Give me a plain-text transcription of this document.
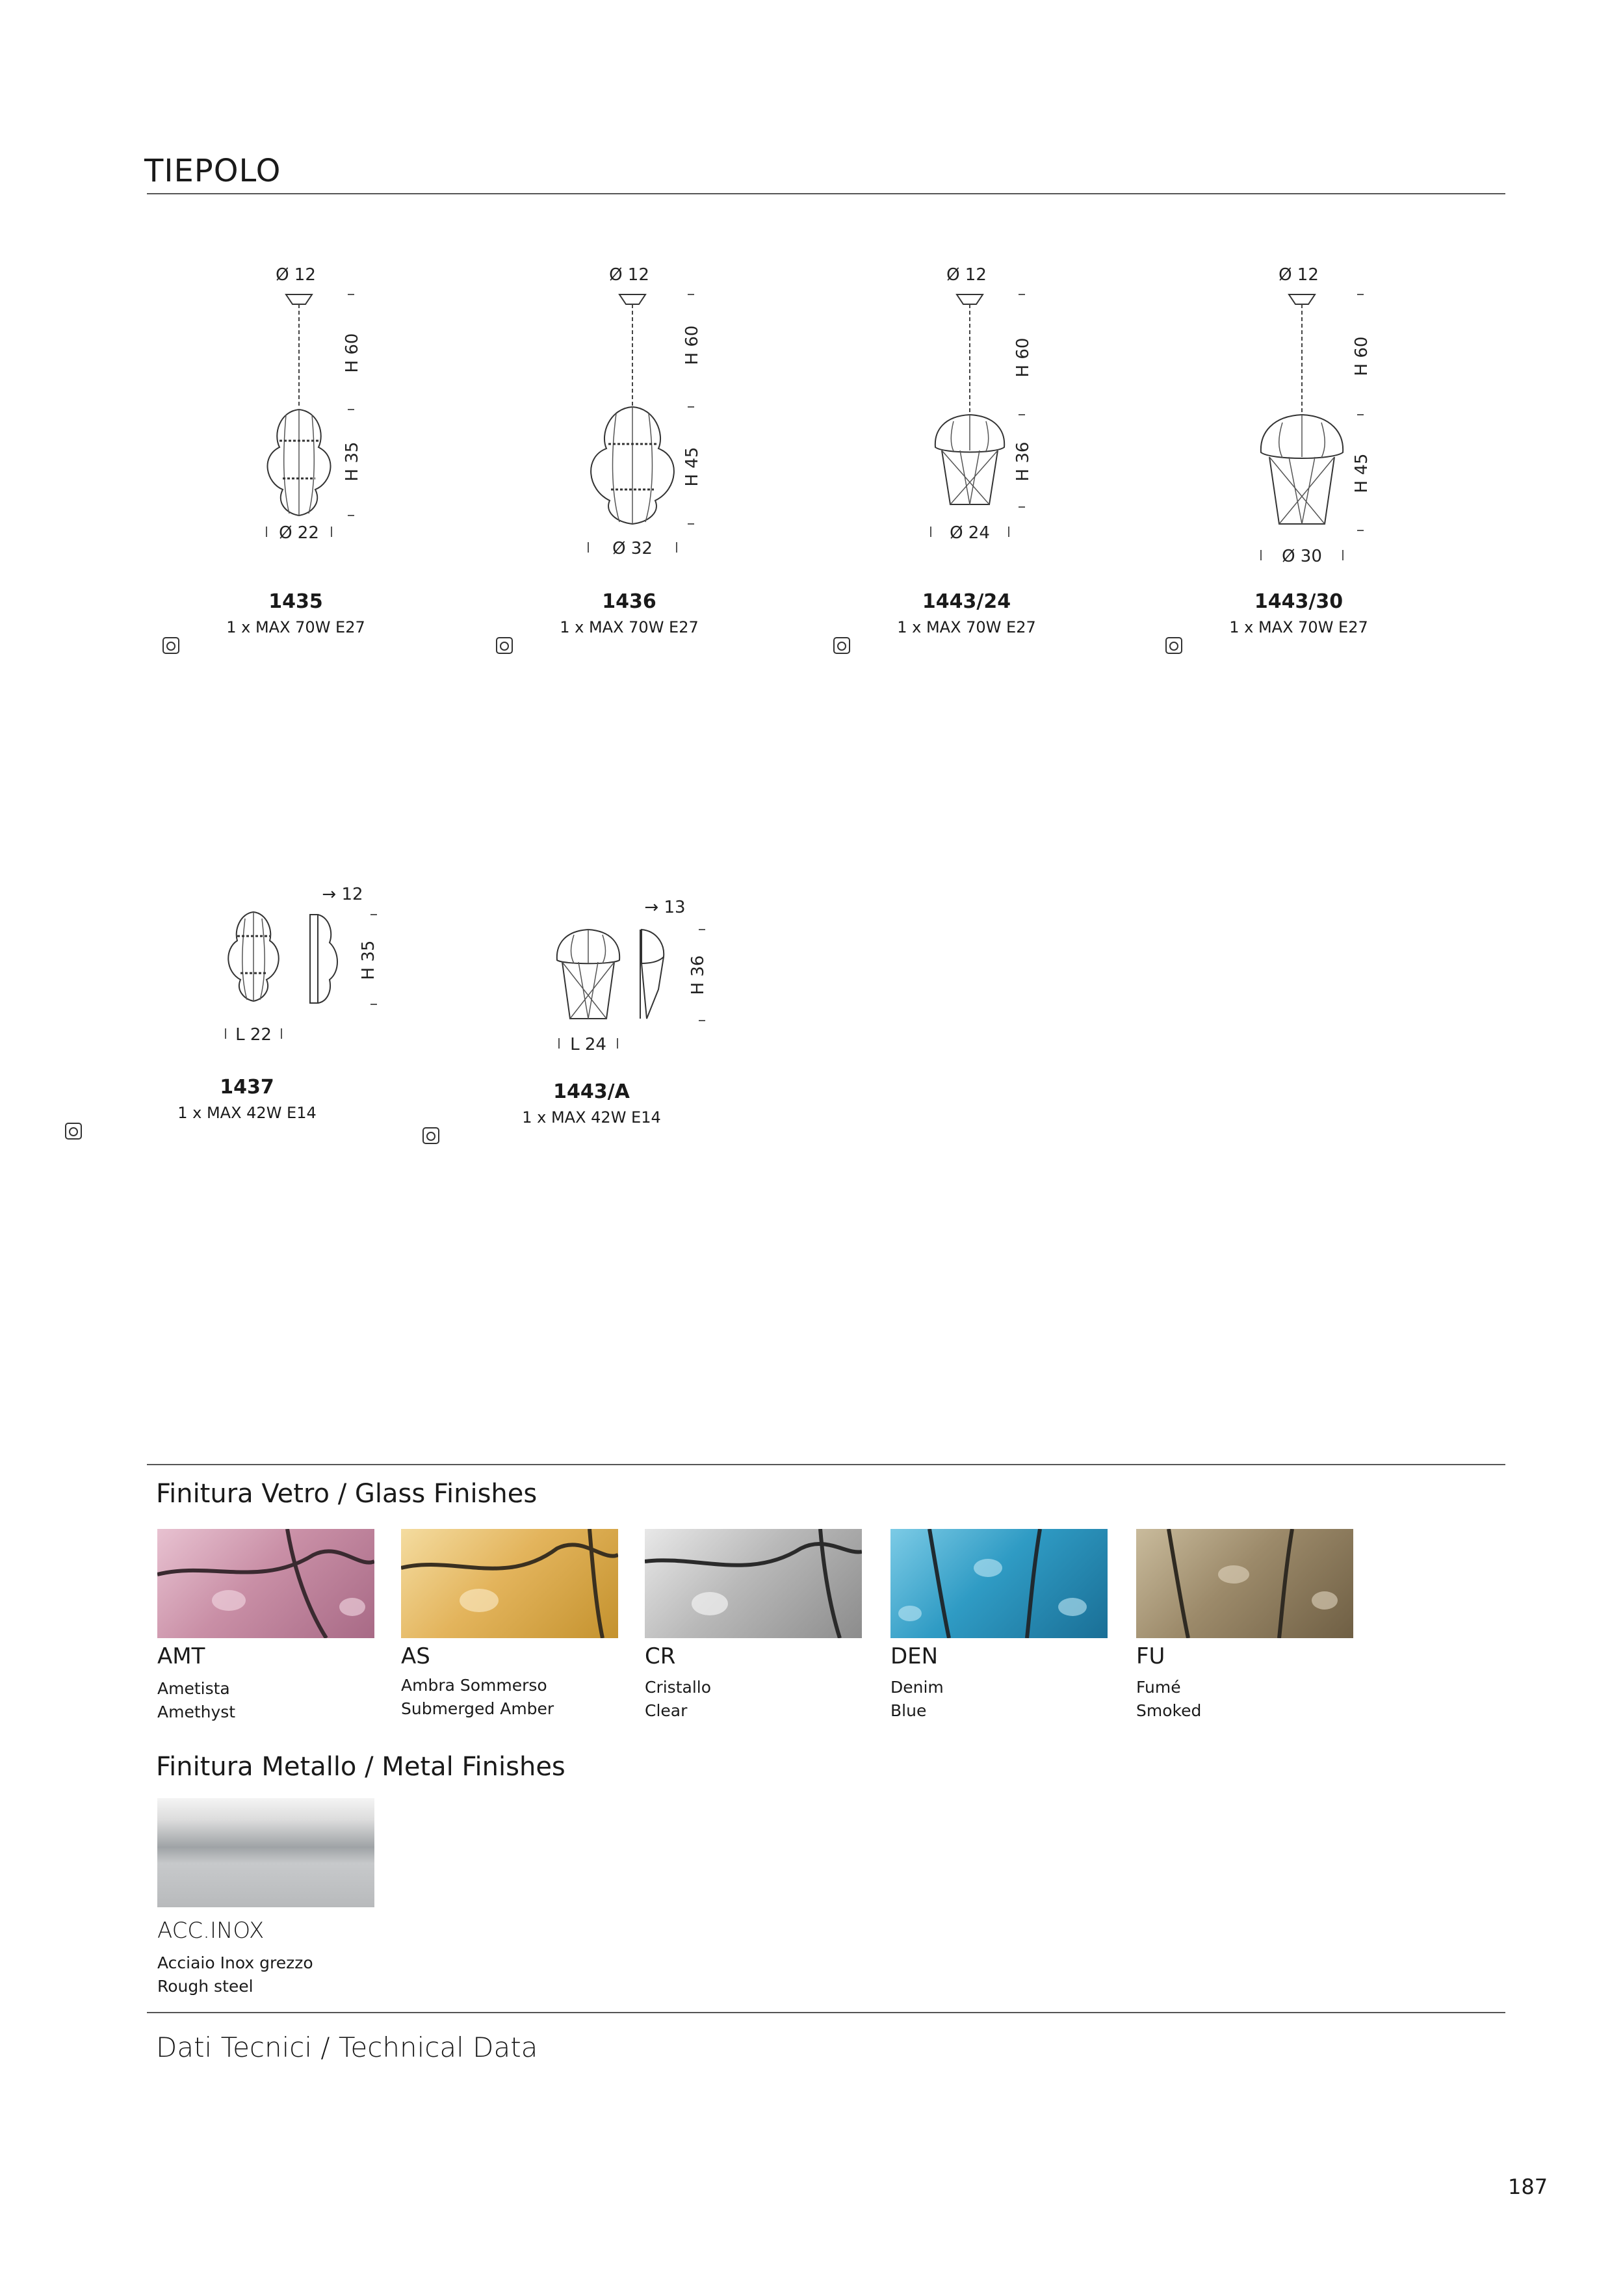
TIEPOLO
Ø 12
H 60
H 35
Ø 22
1435
1 x MAX 70W E27
Ø 12
H 60
H 45
Ø 32
1436
1 x MAX 70W E27
Ø 12
H 60
H 36
Ø 24
1443/24
1 x MAX 70W E27
Ø 12
H 60
H 45
Ø 30
1443/30
1 x MAX 70W E27
→ 12
H 35
L 22
1437
1 x MAX 42W E14
→ 13
H 36
L 24
1443/A
1 x MAX 42W E14
Finitura Vetro / Glass Finishes
AMT
Ametista
Amethyst
AS
Ambra Sommerso
Submerged Amber
CR
Cristallo
Clear
DEN
Denim
Blue
FU
Fumé
Smoked
Finitura Metallo / Metal Finishes
ACC.INOX
Acciaio Inox grezzo
Rough steel
Dati Tecnici / Technical Data
187
